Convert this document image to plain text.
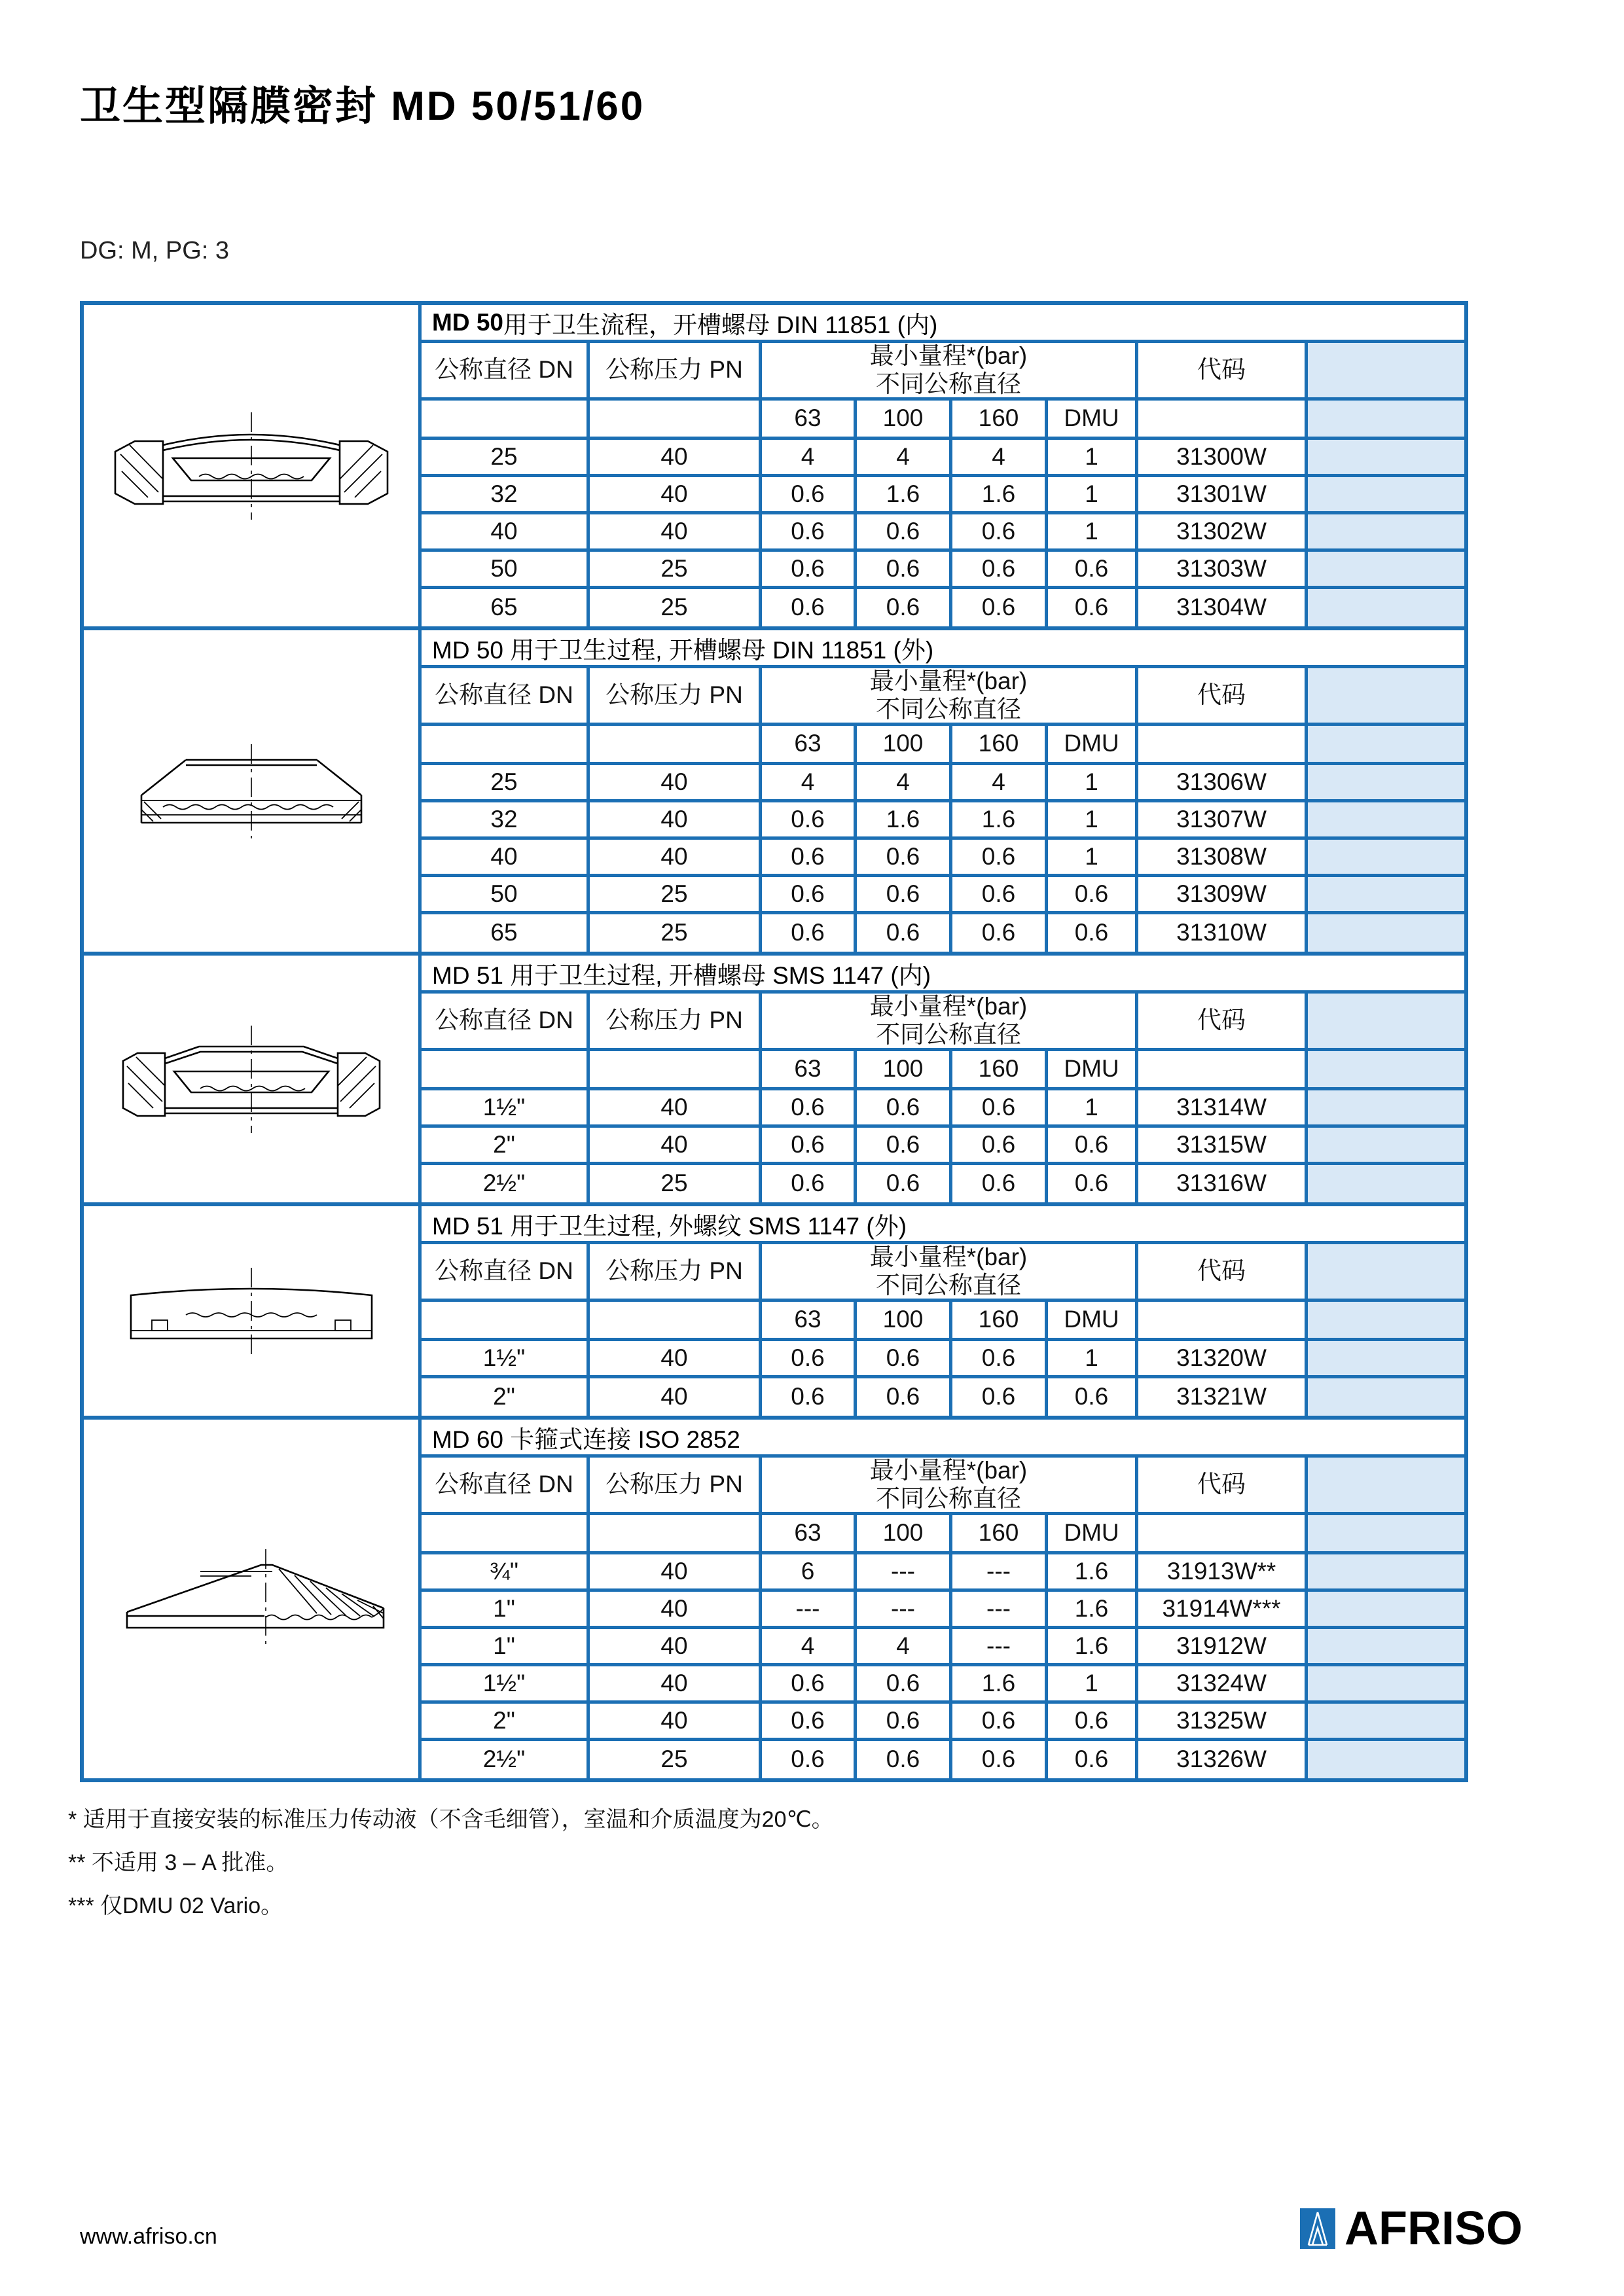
卫生型隔膜密封 MD 50/51/60
DG: M, PG: 3
MD 50 用于卫生流程，开槽螺母 DIN 11851 (内)
公称直径 DN	公称压力 PN
最小量程*(bar)
不同公称直径
代码
63	100	160	DMU
25	40	4	4	4	1	31300W
32	40	0.6	1.6	1.6	1	31301W
40	40	0.6	0.6	0.6	1	31302W
50	25	0.6	0.6	0.6	0.6	31303W
65	25	0.6	0.6	0.6	0.6	31304W
MD 50 用于卫生过程, 开槽螺母 DIN 11851 (外)
公称直径 DN	公称压力 PN
最小量程*(bar)
不同公称直径
代码
63	100	160	DMU
25	40	4	4	4	1	31306W
32	40	0.6	1.6	1.6	1	31307W
40	40	0.6	0.6	0.6	1	31308W
50	25	0.6	0.6	0.6	0.6	31309W
65	25	0.6	0.6	0.6	0.6	31310W
MD 51 用于卫生过程, 开槽螺母 SMS 1147 (内)
公称直径 DN	公称压力 PN
最小量程*(bar)
不同公称直径
代码
63	100	160	DMU
1½"	40	0.6	0.6	0.6	1	31314W
2"	40	0.6	0.6	0.6	0.6	31315W
2½"	25	0.6	0.6	0.6	0.6	31316W
MD 51 用于卫生过程, 外螺纹 SMS 1147 (外)
公称直径 DN	公称压力 PN
最小量程*(bar)
不同公称直径
代码
63	100	160	DMU
1½"	40	0.6	0.6	0.6	1	31320W
2"	40	0.6	0.6	0.6	0.6	31321W
MD 60 卡箍式连接 ISO 2852
公称直径 DN	公称压力 PN
最小量程*(bar)
不同公称直径
代码
63	100	160	DMU
¾"	40	6	---	---	1.6	31913W**
1"	40	---	---	---	1.6	31914W***
1"	40	4	4	---	1.6	31912W
1½"	40	0.6	0.6	1.6	1	31324W
2"	40	0.6	0.6	0.6	0.6	31325W
2½"	25	0.6	0.6	0.6	0.6	31326W
* 适用于直接安装的标准压力传动液（不含毛细管），室温和介质温度为20℃。
** 不适用 3 – A 批准。
*** 仅DMU 02 Vario。
www.afriso.cn	AFRISO
